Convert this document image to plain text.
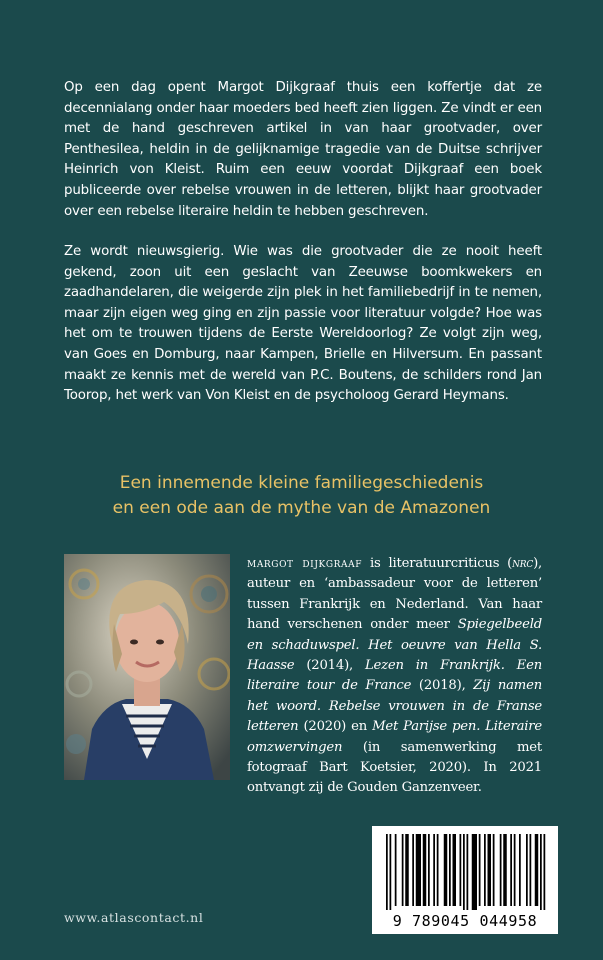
Op een dag opent Margot Dijkgraaf thuis een koffertje dat ze decennialang onder haar moeders bed heeft zien liggen. Ze vindt er een met de hand geschreven artikel in van haar grootvader, over Penthesilea, heldin in de gelijknamige tragedie van de Duitse schrijver Heinrich von Kleist. Ruim een eeuw voordat Dijkgraaf een boek publiceerde over rebelse vrouwen in de letteren, blijkt haar grootvader over een rebelse literaire heldin te hebben geschreven.

Ze wordt nieuwsgierig. Wie was die grootvader die ze nooit heeft gekend, zoon uit een geslacht van Zeeuwse boomkwekers en zaadhandelaren, die weigerde zijn plek in het familiebedrijf in te nemen, maar zijn eigen weg ging en zijn passie voor literatuur volgde? Hoe was het om te trouwen tijdens de Eerste Wereldoorlog? Ze volgt zijn weg, van Goes en Domburg, naar Kampen, Brielle en Hilversum. En passant maakt ze kennis met de wereld van P.C. Boutens, de schilders rond Jan Toorop, het werk van Von Kleist en de psycholoog Gerard Heymans.

Een innemende kleine familiegeschiedenis
en een ode aan de mythe van de Amazonen
margot dijkgraaf is literatuurcriticus (nrc), auteur en ‘ambassadeur voor de letteren’ tussen Frankrijk en Nederland. Van haar hand verschenen onder meer Spiegelbeeld en schaduwspel. Het oeuvre van Hella S. Haasse (2014), Lezen in Frankrijk. Een literaire tour de France (2018), Zij namen het woord. Rebelse vrouwen in de Franse letteren (2020) en Met Parijse pen. Literaire omzwervingen (in samenwerking met fotograaf Bart Koetsier, 2020). In 2021 ontvangt zij de Gouden Ganzenveer.
www.atlascontact.nl	9 789045 044958
